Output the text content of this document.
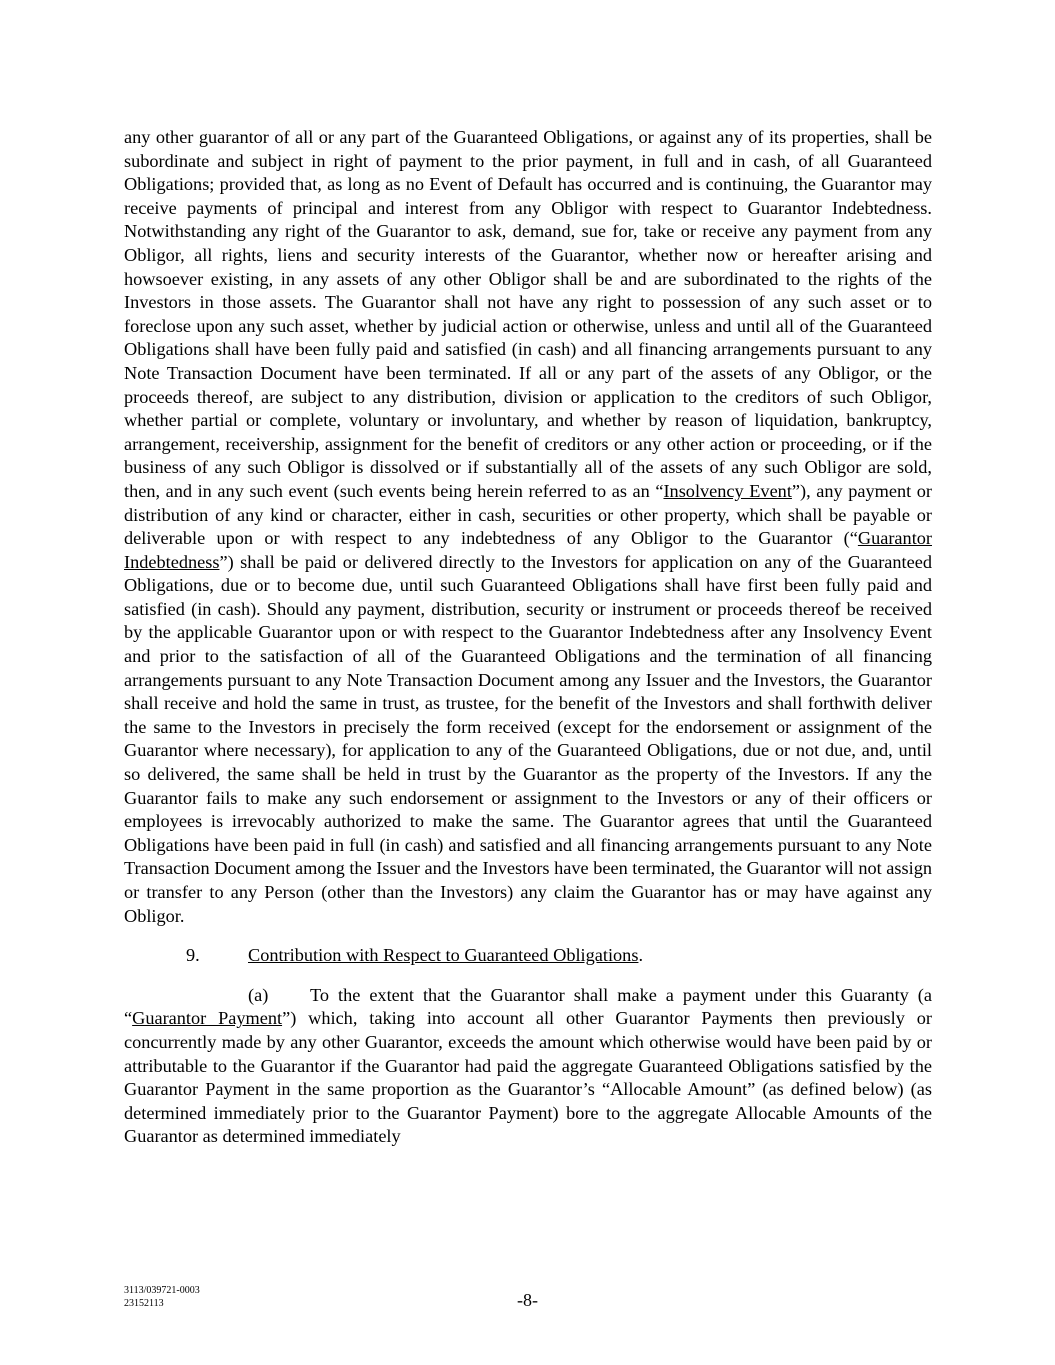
any other guarantor of all or any part of the Guaranteed Obligations, or against any of its properties, shall be subordinate and subject in right of payment to the prior payment, in full and in cash, of all Guaranteed Obligations; provided that, as long as no Event of Default has occurred and is continuing, the Guarantor may receive payments of principal and interest from any Obligor with respect to Guarantor Indebtedness. Notwithstanding any right of the Guarantor to ask, demand, sue for, take or receive any payment from any Obligor, all rights, liens and security interests of the Guarantor, whether now or hereafter arising and howsoever existing, in any assets of any other Obligor shall be and are subordinated to the rights of the Investors in those assets. The Guarantor shall not have any right to possession of any such asset or to foreclose upon any such asset, whether by judicial action or otherwise, unless and until all of the Guaranteed Obligations shall have been fully paid and satisfied (in cash) and all financing arrangements pursuant to any Note Transaction Document have been terminated. If all or any part of the assets of any Obligor, or the proceeds thereof, are subject to any distribution, division or application to the creditors of such Obligor, whether partial or complete, voluntary or involuntary, and whether by reason of liquidation, bankruptcy, arrangement, receivership, assignment for the benefit of creditors or any other action or proceeding, or if the business of any such Obligor is dissolved or if substantially all of the assets of any such Obligor are sold, then, and in any such event (such events being herein referred to as an “Insolvency Event”), any payment or distribution of any kind or character, either in cash, securities or other property, which shall be payable or deliverable upon or with respect to any indebtedness of any Obligor to the Guarantor (“Guarantor Indebtedness”) shall be paid or delivered directly to the Investors for application on any of the Guaranteed Obligations, due or to become due, until such Guaranteed Obligations shall have first been fully paid and satisfied (in cash). Should any payment, distribution, security or instrument or proceeds thereof be received by the applicable Guarantor upon or with respect to the Guarantor Indebtedness after any Insolvency Event and prior to the satisfaction of all of the Guaranteed Obligations and the termination of all financing arrangements pursuant to any Note Transaction Document among any Issuer and the Investors, the Guarantor shall receive and hold the same in trust, as trustee, for the benefit of the Investors and shall forthwith deliver the same to the Investors in precisely the form received (except for the endorsement or assignment of the Guarantor where necessary), for application to any of the Guaranteed Obligations, due or not due, and, until so delivered, the same shall be held in trust by the Guarantor as the property of the Investors. If any the Guarantor fails to make any such endorsement or assignment to the Investors or any of their officers or employees is irrevocably authorized to make the same. The Guarantor agrees that until the Guaranteed Obligations have been paid in full (in cash) and satisfied and all financing arrangements pursuant to any Note Transaction Document among the Issuer and the Investors have been terminated, the Guarantor will not assign or transfer to any Person (other than the Investors) any claim the Guarantor has or may have against any Obligor.

9.	Contribution with Respect to Guaranteed Obligations.

(a) To the extent that the Guarantor shall make a payment under this Guaranty (a “Guarantor Payment”) which, taking into account all other Guarantor Payments then previously or concurrently made by any other Guarantor, exceeds the amount which otherwise would have been paid by or attributable to the Guarantor if the Guarantor had paid the aggregate Guaranteed Obligations satisfied by the Guarantor Payment in the same proportion as the Guarantor’s “Allocable Amount” (as defined below) (as determined immediately prior to the Guarantor Payment) bore to the aggregate Allocable Amounts of the Guarantor as determined immediately

3113/039721-0003
23152113	-8-
